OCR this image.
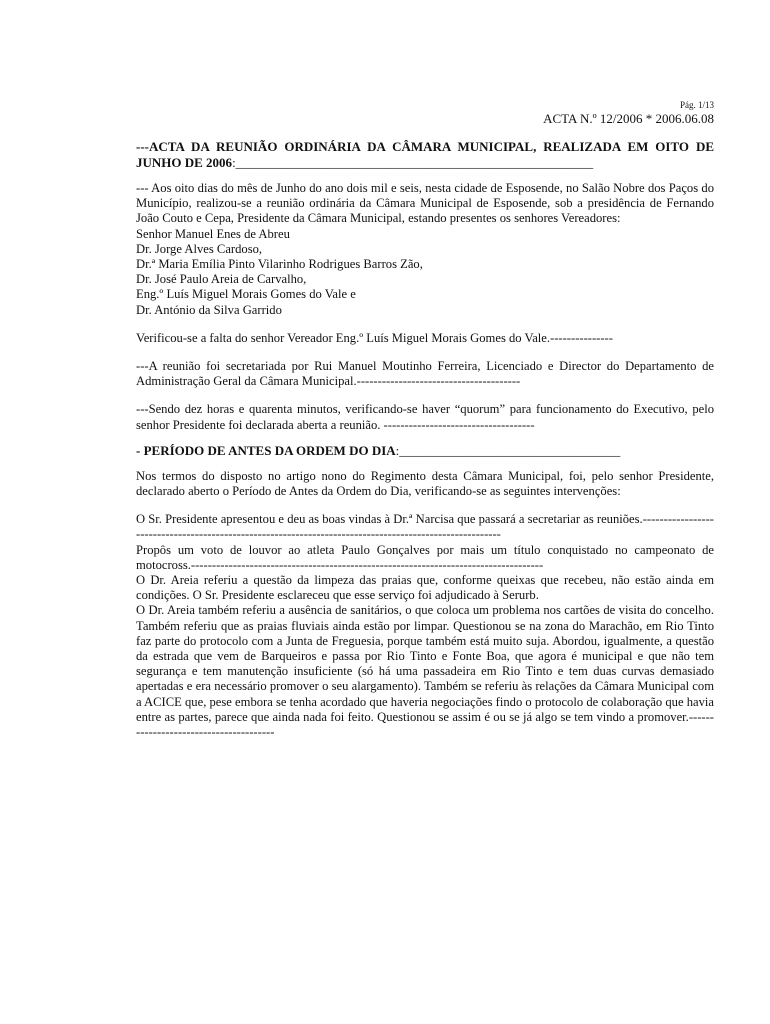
Pág. 1/13
ACTA N.º 12/2006 * 2006.06.08
---ACTA DA REUNIÃO ORDINÁRIA DA CÂMARA MUNICIPAL, REALIZADA EM OITO DE JUNHO DE 2006:_______________________________________________________

--- Aos oito dias do mês de Junho do ano dois mil e seis, nesta cidade de Esposende, no Salão Nobre dos Paços do Município, realizou-se a reunião ordinária da Câmara Municipal de Esposende, sob a presidência de Fernando João Couto e Cepa, Presidente da Câmara Municipal, estando presentes os senhores Vereadores:

Senhor Manuel Enes de Abreu
Dr. Jorge Alves Cardoso,
Dr.ª Maria Emília Pinto Vilarinho Rodrigues Barros Zão,
Dr. José Paulo Areia de Carvalho,
Eng.º Luís Miguel Morais Gomes do Vale e
Dr. António da Silva Garrido

Verificou-se a falta do senhor Vereador Eng.º Luís Miguel Morais Gomes do Vale.---------------

---A reunião foi secretariada por Rui Manuel Moutinho Ferreira, Licenciado e Director do Departamento de Administração Geral da Câmara Municipal.---------------------------------------

---Sendo dez horas e quarenta minutos, verificando-se haver “quorum” para funcionamento do Executivo, pelo senhor Presidente foi declarada aberta a reunião. ------------------------------------

- PERÍODO DE ANTES DA ORDEM DO DIA:__________________________________

Nos termos do disposto no artigo nono do Regimento desta Câmara Municipal, foi, pelo senhor Presidente, declarado aberto o Período de Antes da Ordem do Dia, verificando-se as seguintes intervenções:

O Sr. Presidente apresentou e deu as boas vindas à Dr.ª Narcisa que passará a secretariar as reuniões.--------------------------------------------------------------------------------------------------------

Propôs um voto de louvor ao atleta Paulo Gonçalves por mais um título conquistado no campeonato de motocross.------------------------------------------------------------------------------------

O Dr. Areia referiu a questão da limpeza das praias que, conforme queixas que recebeu, não estão ainda em condições. O Sr. Presidente esclareceu que esse serviço foi adjudicado à Serurb.

O Dr. Areia também referiu a ausência de sanitários, o que coloca um problema nos cartões de visita do concelho. Também referiu que as praias fluviais ainda estão por limpar. Questionou se na zona do Marachão, em Rio Tinto faz parte do protocolo com a Junta de Freguesia, porque também está muito suja. Abordou, igualmente, a questão da estrada que vem de Barqueiros e passa por Rio Tinto e Fonte Boa, que agora é municipal e que não tem segurança e tem manutenção insuficiente (só há uma passadeira em Rio Tinto e tem duas curvas demasiado apertadas e era necessário promover o seu alargamento). Também se referiu às relações da Câmara Municipal com a ACICE que, pese embora se tenha acordado que haveria negociações findo o protocolo de colaboração que havia entre as partes, parece que ainda nada foi feito. Questionou se assim é ou se já algo se tem vindo a promover.---------------------------------------
